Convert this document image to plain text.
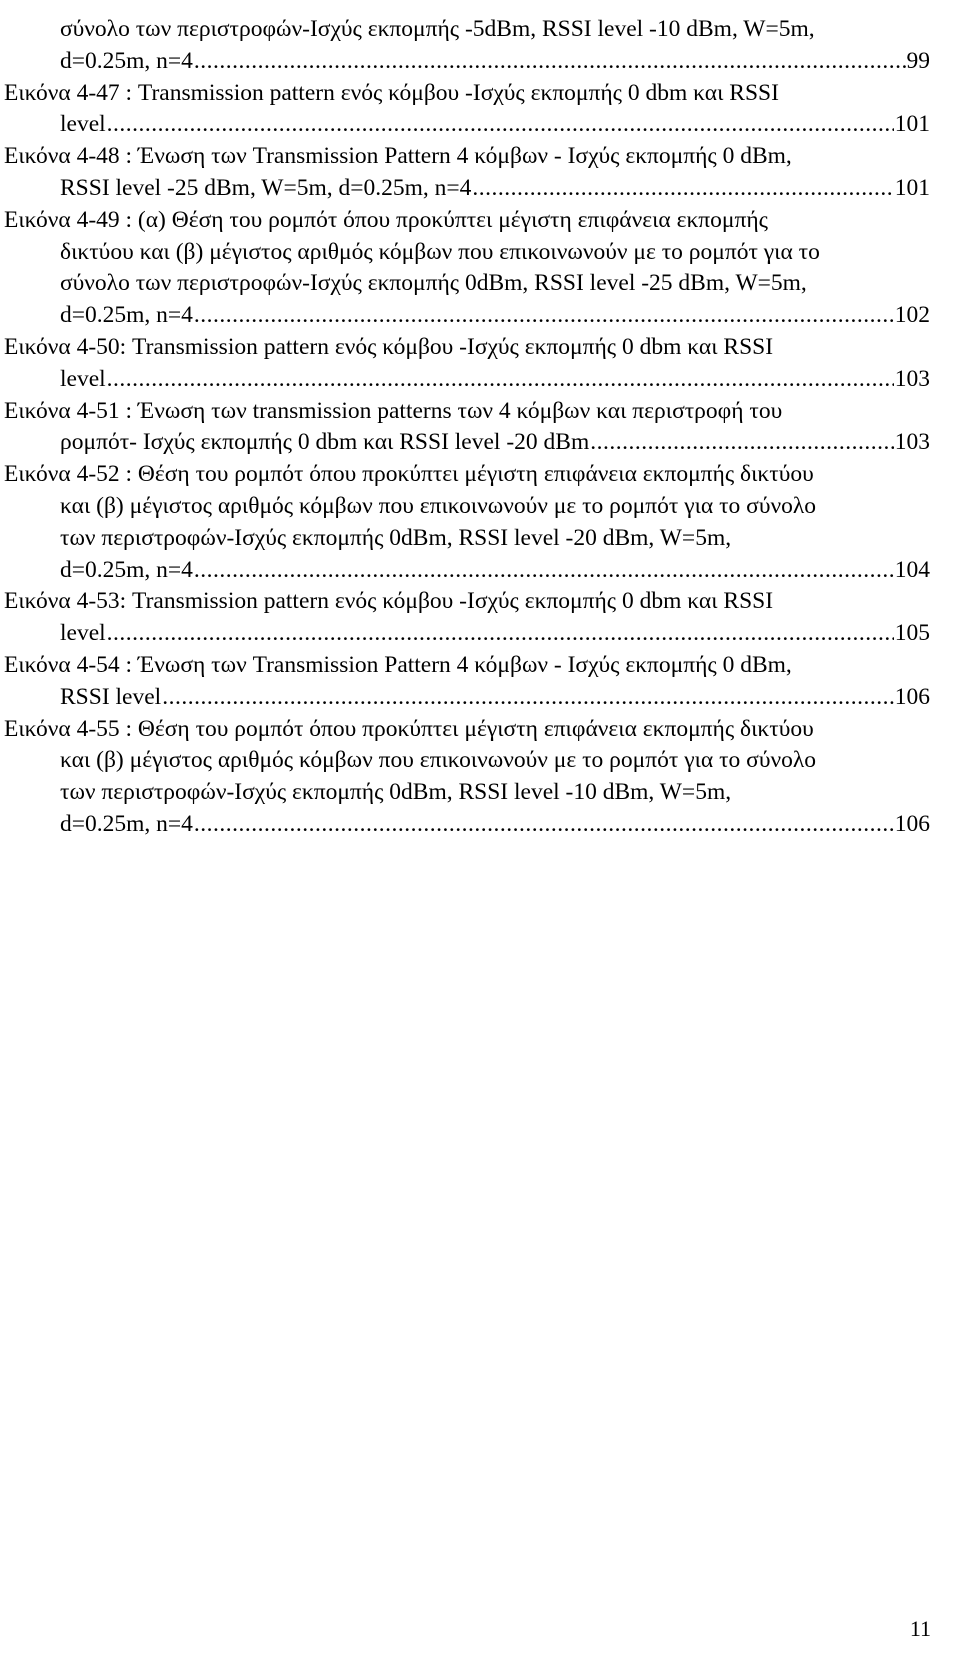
σύνολο των περιστροφών-Ισχύς εκπομπής -5dBm, RSSI level -10 dBm, W=5m,
d=0.25m, n=4 .....	99
Εικόνα 4-47 : Transmission pattern ενός κόμβου -Ισχύς εκπομπής 0 dbm και RSSI
level .....	101
Εικόνα 4-48 : Ένωση των Transmission Pattern 4 κόμβων - Ισχύς εκπομπής 0 dBm,
RSSI level -25 dBm, W=5m, d=0.25m, n=4 .....	101
Εικόνα 4-49 : (α) Θέση του ρομπότ όπου προκύπτει μέγιστη επιφάνεια εκπομπής
δικτύου και (β) μέγιστος αριθμός κόμβων που επικοινωνούν με το ρομπότ για το
σύνολο των περιστροφών-Ισχύς εκπομπής 0dBm, RSSI level -25 dBm, W=5m,
d=0.25m, n=4 .....	102
Εικόνα 4-50: Transmission pattern ενός κόμβου -Ισχύς εκπομπής 0 dbm και RSSI
level .....	103
Εικόνα 4-51 : Ένωση των transmission patterns των 4 κόμβων και περιστροφή του
ρομπότ- Ισχύς εκπομπής 0 dbm και RSSI level -20 dBm .....	103
Εικόνα 4-52 : Θέση του ρομπότ όπου προκύπτει μέγιστη επιφάνεια εκπομπής δικτύου
και (β) μέγιστος αριθμός κόμβων που επικοινωνούν με το ρομπότ για το σύνολο
των περιστροφών-Ισχύς εκπομπής 0dBm, RSSI level -20 dBm, W=5m,
d=0.25m, n=4 .....	104
Εικόνα 4-53: Transmission pattern ενός κόμβου -Ισχύς εκπομπής 0 dbm και RSSI
level .....	105
Εικόνα 4-54 : Ένωση των Transmission Pattern 4 κόμβων - Ισχύς εκπομπής 0 dBm,
RSSI level .....	106
Εικόνα 4-55 : Θέση του ρομπότ όπου προκύπτει μέγιστη επιφάνεια εκπομπής δικτύου
και (β) μέγιστος αριθμός κόμβων που επικοινωνούν με το ρομπότ για το σύνολο
των περιστροφών-Ισχύς εκπομπής 0dBm, RSSI level -10 dBm, W=5m,
d=0.25m, n=4 .....	106
11
